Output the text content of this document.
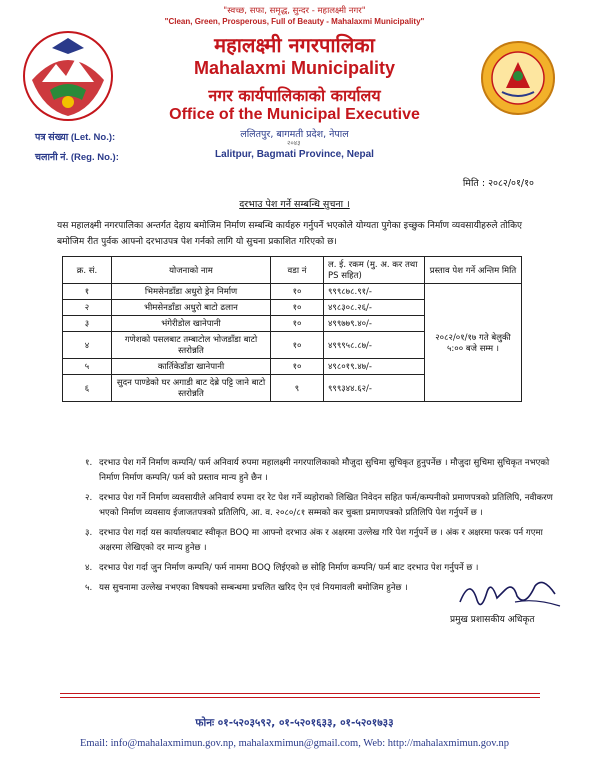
"स्वच्छ, सफा, समृद्ध, सुन्दर - महालक्ष्मी नगर"
"Clean, Green, Prosperous, Full of Beauty - Mahalaxmi Municipality"
महालक्ष्मी नगरपालिका
Mahalaxmi Municipality
नगर कार्यपालिकाको कार्यालय
Office of the Municipal Executive
ललितपुर, बागमती प्रदेश, नेपाल
२०४३
Lalitpur, Bagmati Province, Nepal
पत्र संख्या (Let. No.):
चलानी नं. (Reg. No.):
मिति : २०८२/०१/१०
दरभाउ पेश गर्ने सम्बन्धि सुचना ।
यस महालक्ष्मी नगरपालिका अन्तर्गत देहाय बमोजिम निर्माण सम्बन्धि कार्यहरु गर्नुपर्ने भएकोले योग्यता पुगेका इच्छुक निर्माण व्यवसायीहरुले तोकिए बमोजिम रीत पुर्वक आफ्नो दरभाउपत्र पेश गर्नको लागि यो सुचना प्रकाशित गरिएको छ।
क्र. सं.	योजनाको नाम	वडा नं	ल. ई. रकम (मु. अ. कर तथा PS सहित)	प्रस्ताव पेश गर्ने अन्तिम मिति
१	भिमसेनडाँडा अधुरो ड्रेन निर्माण	१०	९९९८७८.९१/-	२०८२/०१/१७ गते बेलुकी ५:०० बजे सम्म ।
२	भीमसेनडाँडा अधुरो बाटो ढलान	१०	४९८३०८.२६/-	
३	भंगेरीडोल खानेपानी	१०	४९९७७९.४०/-	
४	गणेशको पसलबाट तम्बाटोल भोजडाँडा बाटो स्तरोन्नति	१०	४९९९५८.८७/-	
५	कार्तिकेडाँडा खानेपानी	१०	४९८०१९.४७/-	
६	सुदन पाण्डेको घर अगाडी बाट देब्रे पट्टि जाने बाटो स्तरोन्नति	९	९९९३४४.६२/-	
१. दरभाउ पेश गर्ने निर्माण कम्पनि/ फर्म अनिवार्य रुपमा महालक्ष्मी नगरपालिकाको मौजुदा सुचिमा सुचिकृत हुनुपर्नेछ । मौजुदा सुचिमा सुचिकृत नभएको निर्माण निर्माण कम्पनि/ फर्म को प्रस्ताव मान्य हुने छैन ।
२. दरभाउ पेश गर्ने निर्माण व्यवसायीले अनिवार्य रुपमा दर रेट पेश गर्ने व्यहोराको लिखित निवेदन सहित फर्म/कम्पनीको प्रमाणपत्रको प्रतिलिपि, नवीकरण भएको निर्माण व्यवसाय ईजाजतपत्रको प्रतिलिपि, आ. व. २०८०/८१ सम्मको कर चुक्ता प्रमाणपत्रको प्रतिलिपि पेश गर्नुपर्ने छ ।
३. दरभाउ पेश गर्दा यस कार्यालयबाट स्वीकृत BOQ मा आफ्नो दरभाउ अंक र अक्षरमा उल्लेख गरि पेश गर्नुपर्ने छ । अंक र अक्षरमा फरक पर्न गएमा अक्षरमा लेखिएको दर मान्य हुनेछ ।
४. दरभाउ पेश गर्दा जुन निर्माण कम्पनि/ फर्म नाममा BOQ लिईएको छ सोहि निर्माण कम्पनि/ फर्म बाट दरभाउ पेश गर्नुपर्ने छ ।
५. यस सुचनामा उल्लेख नभएका विषयको सम्बन्धमा प्रचलित खरिद ऐन एवं नियमावली बमोजिम हुनेछ ।
प्रमुख प्रशासकीय अधिकृत
फोनः ०१-५२०३५९२, ०१-५२०१६३३, ०१-५२०१७३३
Email: info@mahalaxmimun.gov.np, mahalaxmimun@gmail.com, Web: http://mahalaxmimun.gov.np
